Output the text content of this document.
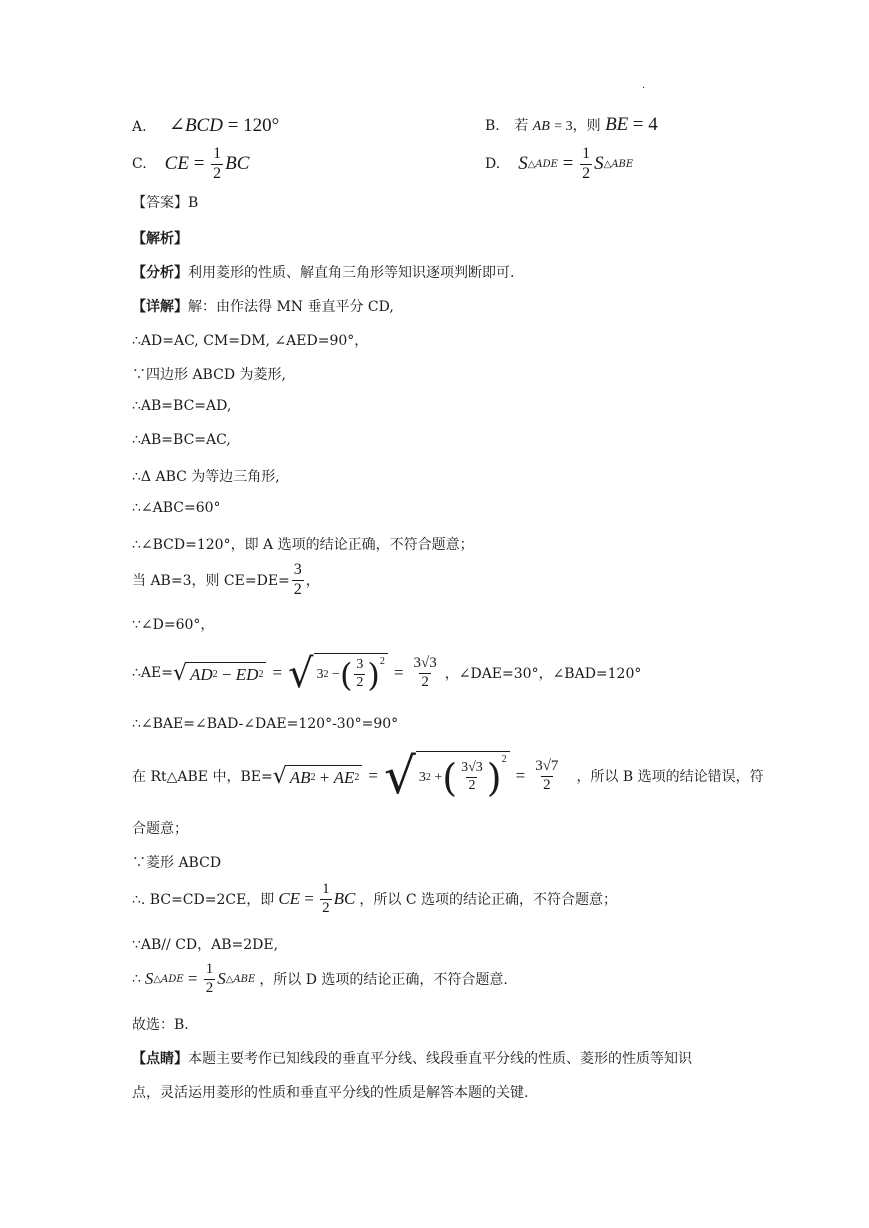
.
A. ∠BCD = 120°	B. 若 AB = 3，则 BE = 4
C. CE = $\frac{1}{2}$ BC	D. S △ADE = $\frac{1}{2}$ S △ABE
【答案】B
【解析】
【分析】利用菱形的性质、解直角三角形等知识逐项判断即可.
【详解】解：由作法得 MN 垂直平分 CD,
∴AD=AC, CM=DM, ∠AED=90°，
∵四边形 ABCD 为菱形,
∴AB=BC=AD,
∴AB=BC=AC,
∴Δ ABC 为等边三角形,
∴∠ABC=60°
∴∠BCD=120°，即 A 选项的结论正确，不符合题意；
当 AB=3，则 $CE=DE= \frac{3}{2}$ ，
∵∠D=60°，
∴AE= √ AD 2 − ED 2 = √ 3 2 − ( $\frac{3}{2} )^2$
= $\frac{3√3}{2}$ ，∠DAE=30°，∠BAD=120°
∴∠BAE=∠BAD-∠DAE=120°-30°=90°
在 Rt△ABE 中，BE= √ AB 2 + AE 2 = √ 3 2 + ( $\frac{3√3}{2} )^2$
= $\frac{3√7}{2}$ ，所以 B 选项的结论错误，符
合题意；
∵菱形 ABCD
∴. BC=CD=2CE，即 CE = $\frac{1}{2}$ BC ，所以 C 选项的结论正确，不符合题意；
∵AB// CD，AB=2DE,
∴ S △ADE = $\frac{1}{2}$ S △ABE ，所以 D 选项的结论正确，不符合题意.
故选：B.
【点睛】本题主要考作已知线段的垂直平分线、线段垂直平分线的性质、菱形的性质等知识
点，灵活运用菱形的性质和垂直平分线的性质是解答本题的关键.
